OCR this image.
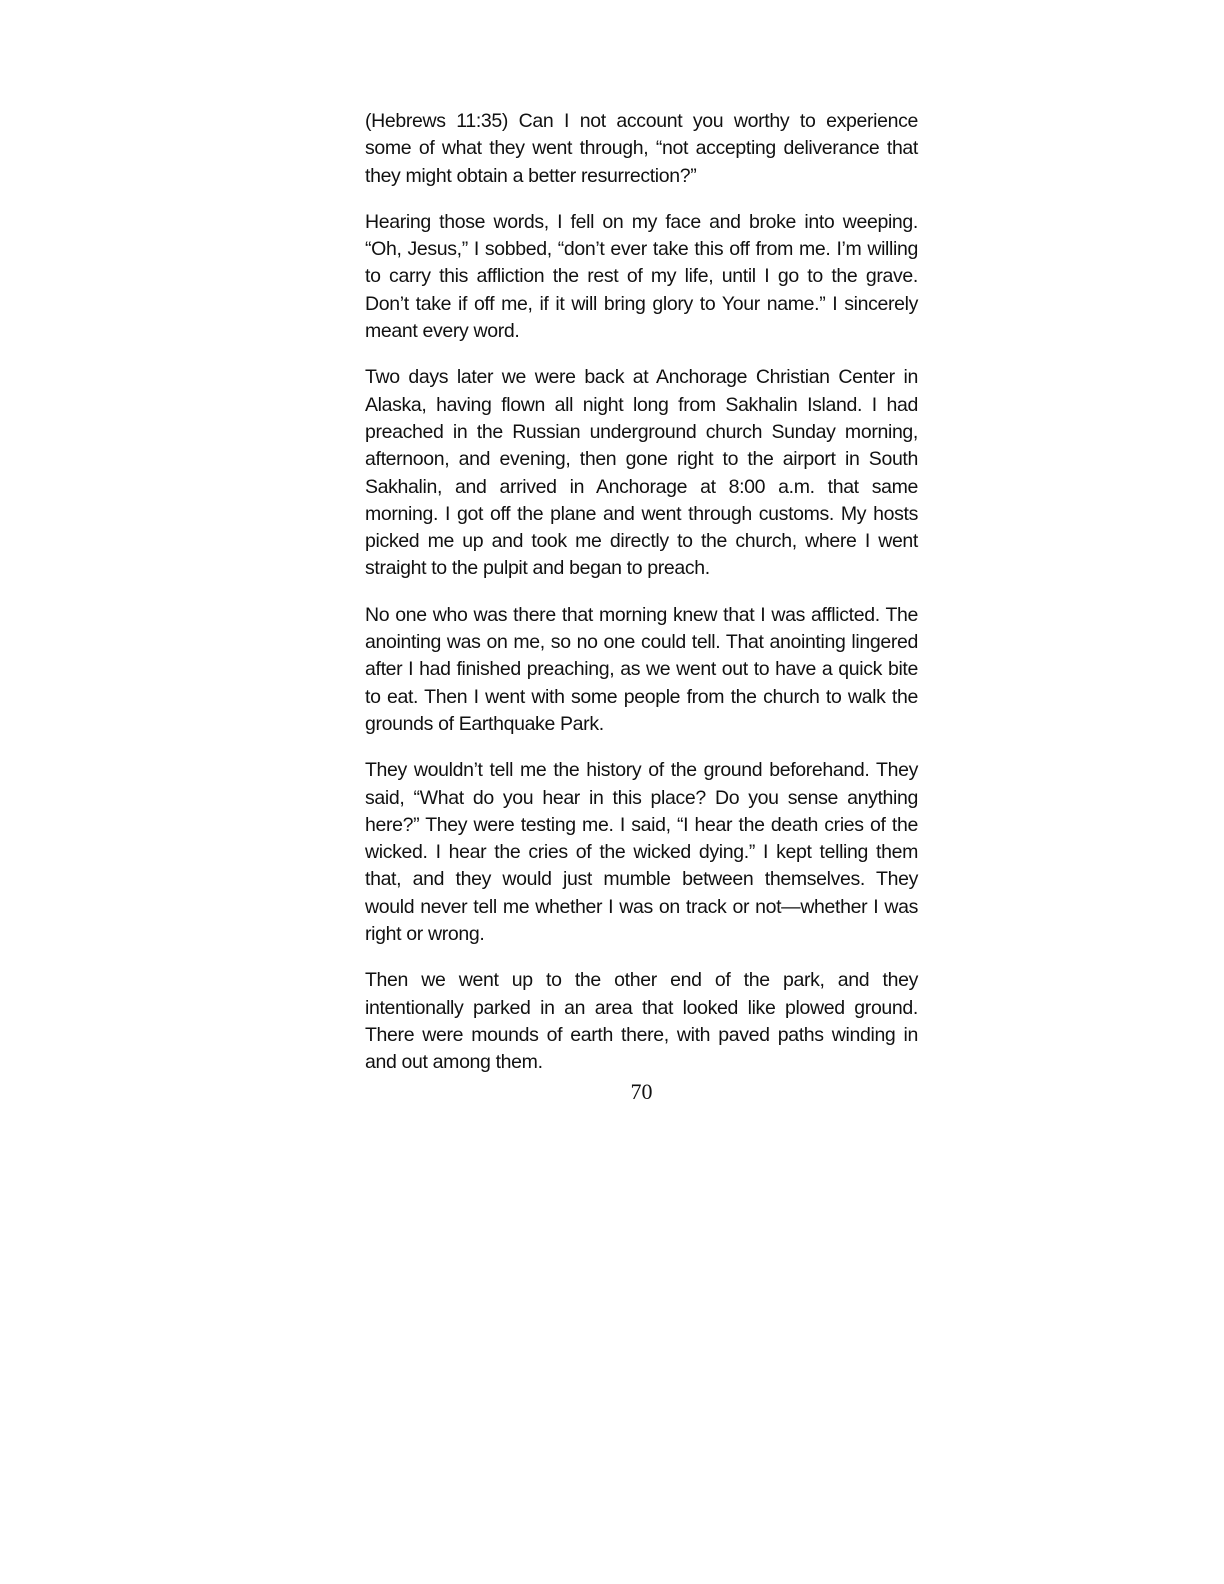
(Hebrews 11:35) Can I not account you worthy to experience some of what they went through, “not accepting deliverance that they might obtain a better resurrection?”

Hearing those words, I fell on my face and broke into weeping. “Oh, Jesus,” I sobbed, “don’t ever take this off from me. I’m willing to carry this affliction the rest of my life, until I go to the grave. Don’t take if off me, if it will bring glory to Your name.” I sincerely meant every word.

Two days later we were back at Anchorage Christian Center in Alaska, having flown all night long from Sakhalin Island. I had preached in the Russian underground church Sunday morning, afternoon, and evening, then gone right to the airport in South Sakhalin, and arrived in Anchorage at 8:00 a.m. that same morning. I got off the plane and went through customs. My hosts picked me up and took me directly to the church, where I went straight to the pulpit and began to preach.

No one who was there that morning knew that I was afflicted. The anointing was on me, so no one could tell. That anointing lingered after I had finished preaching, as we went out to have a quick bite to eat. Then I went with some people from the church to walk the grounds of Earthquake Park.

They wouldn’t tell me the history of the ground beforehand. They said, “What do you hear in this place? Do you sense anything here?” They were testing me. I said, “I hear the death cries of the wicked. I hear the cries of the wicked dying.” I kept telling them that, and they would just mumble between themselves. They would never tell me whether I was on track or not—whether I was right or wrong.

Then we went up to the other end of the park, and they intentionally parked in an area that looked like plowed ground. There were mounds of earth there, with paved paths winding in and out among them.

70
